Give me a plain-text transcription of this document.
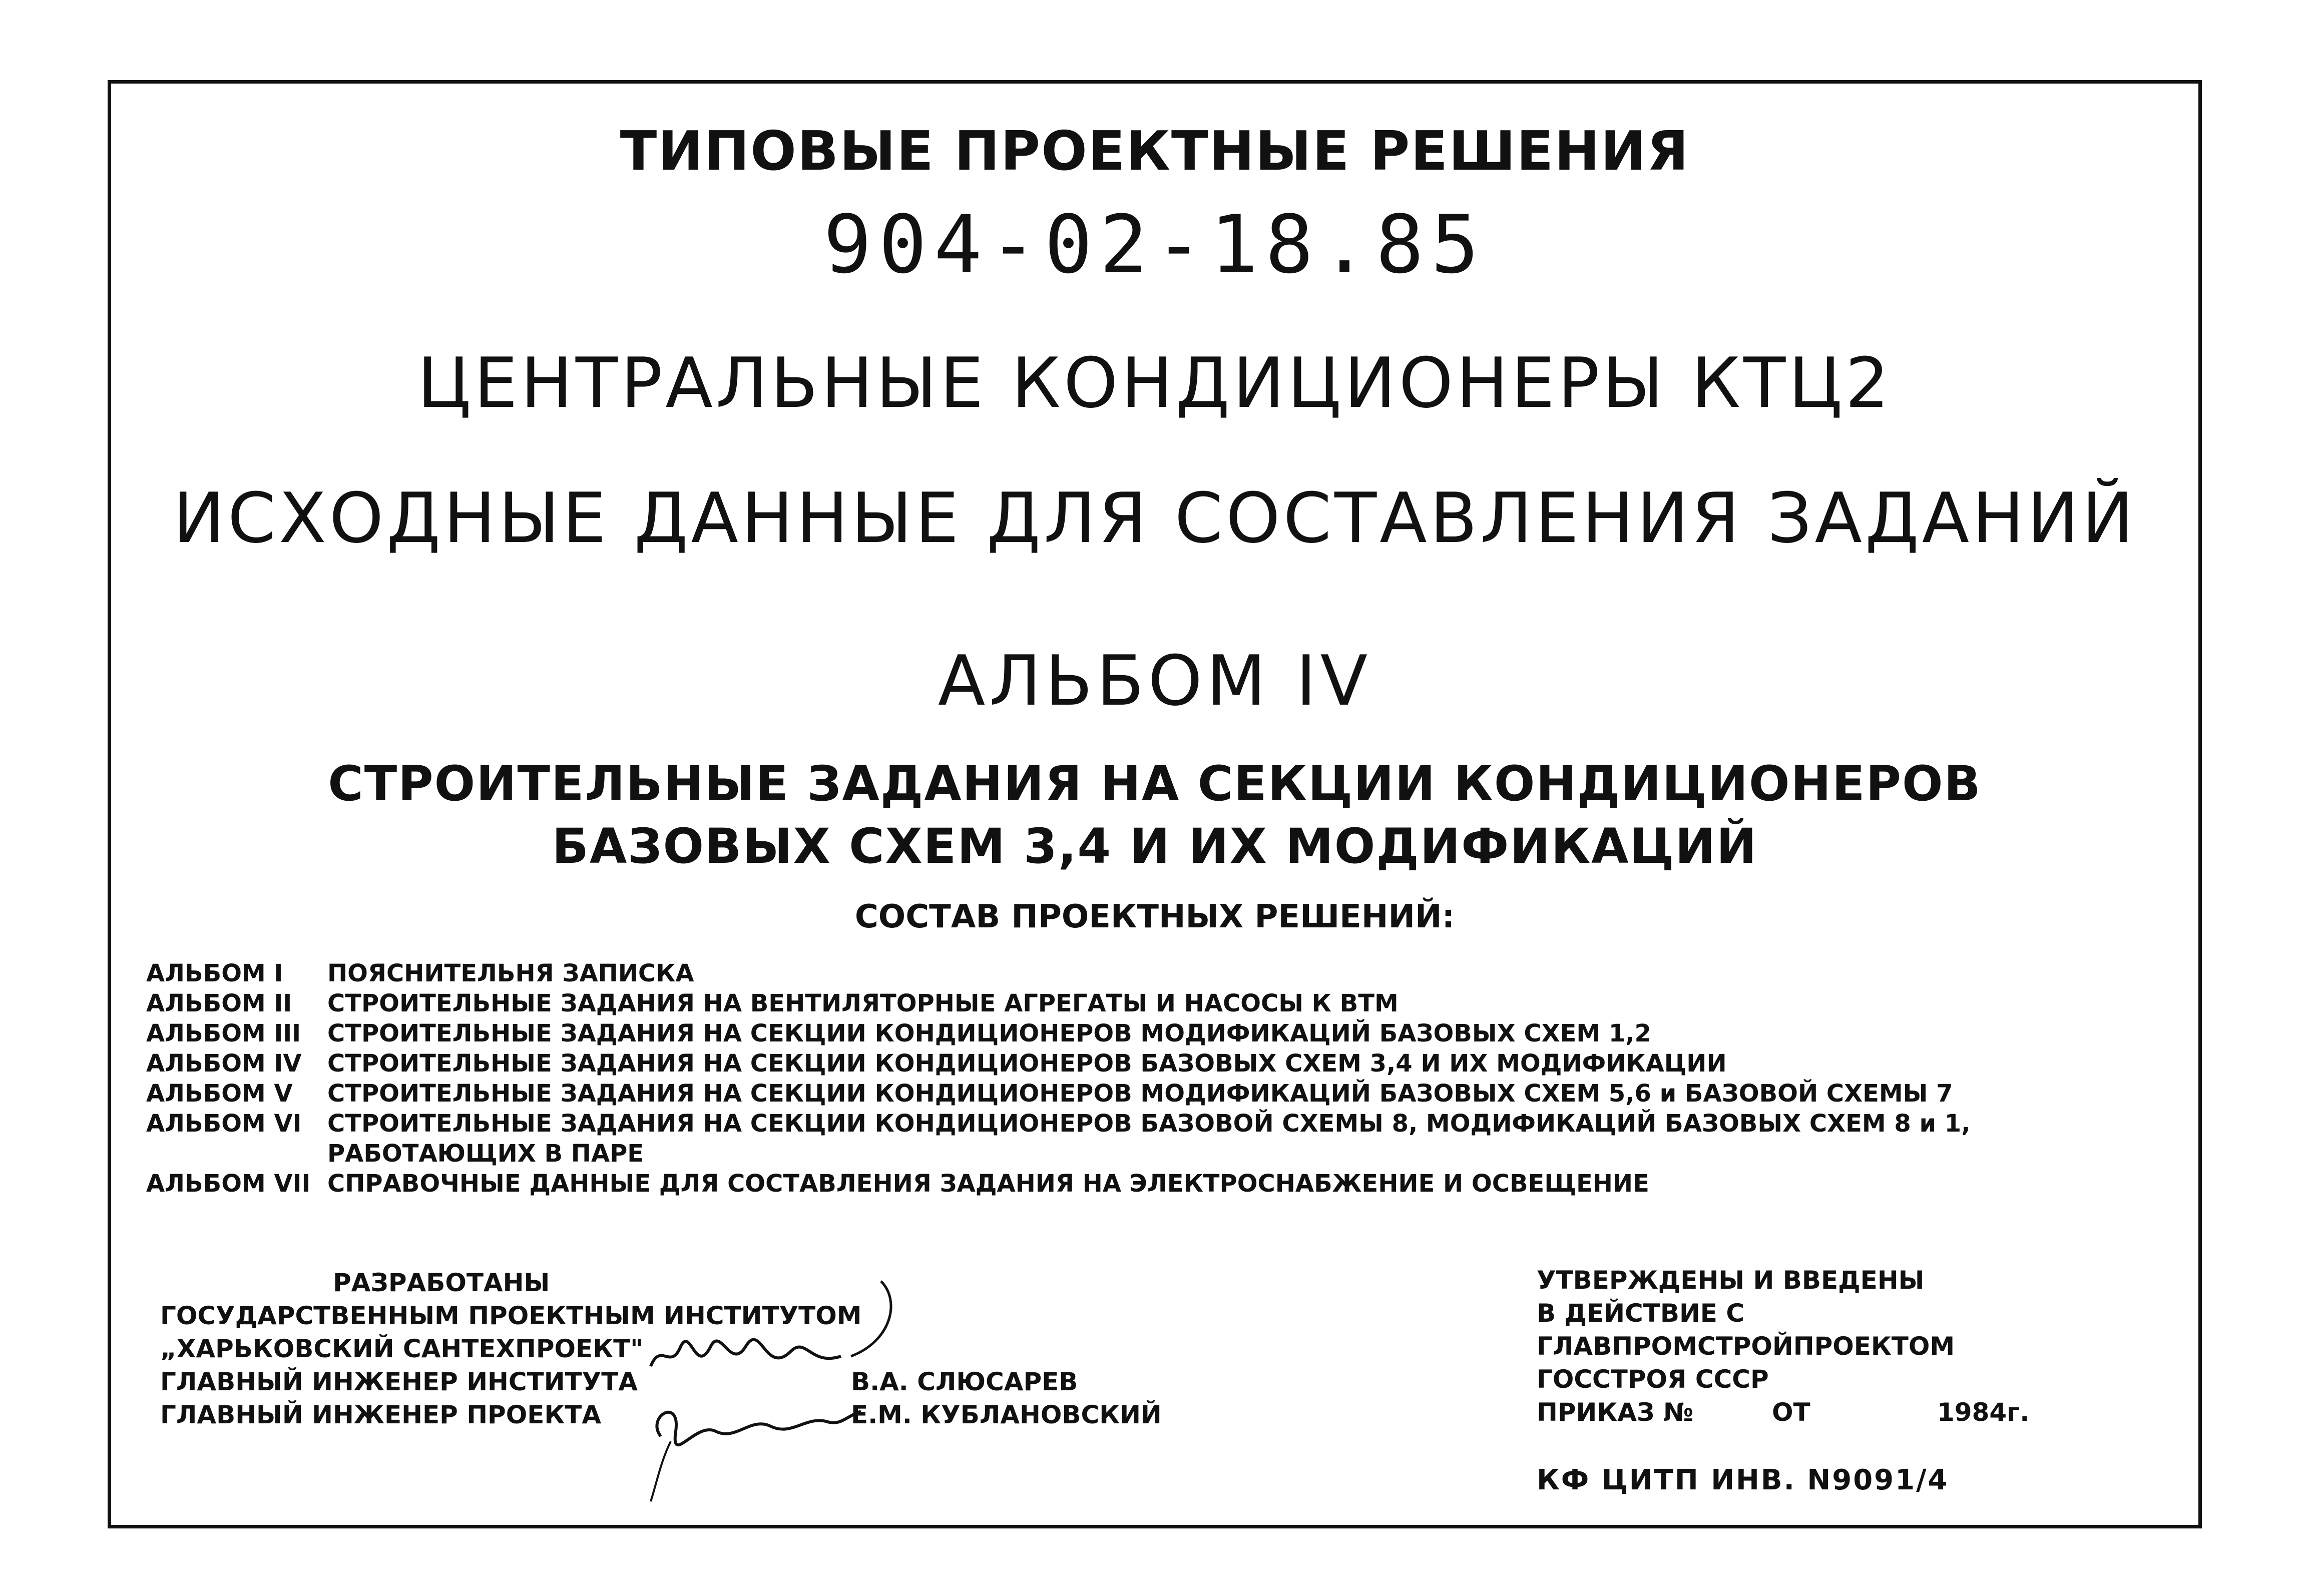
ТИПОВЫЕ ПРОЕКТНЫЕ РЕШЕНИЯ
904-02-18.85
ЦЕНТРАЛЬНЫЕ КОНДИЦИОНЕРЫ КТЦ2
ИСХОДНЫЕ ДАННЫЕ ДЛЯ СОСТАВЛЕНИЯ ЗАДАНИЙ
АЛЬБОМ IV
СТРОИТЕЛЬНЫЕ ЗАДАНИЯ НА СЕКЦИИ КОНДИЦИОНЕРОВ
БАЗОВЫХ СХЕМ 3,4 И ИХ МОДИФИКАЦИЙ
СОСТАВ ПРОЕКТНЫХ РЕШЕНИЙ:
АЛЬБОМ I	ПОЯСНИТЕЛЬНЯ ЗАПИСКА
АЛЬБОМ II	СТРОИТЕЛЬНЫЕ ЗАДАНИЯ НА ВЕНТИЛЯТОРНЫЕ АГРЕГАТЫ И НАСОСЫ К ВТМ
АЛЬБОМ III	СТРОИТЕЛЬНЫЕ ЗАДАНИЯ НА СЕКЦИИ КОНДИЦИОНЕРОВ МОДИФИКАЦИЙ БАЗОВЫХ СХЕМ 1,2
АЛЬБОМ IV	СТРОИТЕЛЬНЫЕ ЗАДАНИЯ НА СЕКЦИИ КОНДИЦИОНЕРОВ БАЗОВЫХ СХЕМ 3,4 И ИХ МОДИФИКАЦИИ
АЛЬБОМ V	СТРОИТЕЛЬНЫЕ ЗАДАНИЯ НА СЕКЦИИ КОНДИЦИОНЕРОВ МОДИФИКАЦИЙ БАЗОВЫХ СХЕМ 5,6 и БАЗОВОЙ СХЕМЫ 7
АЛЬБОМ VI	СТРОИТЕЛЬНЫЕ ЗАДАНИЯ НА СЕКЦИИ КОНДИЦИОНЕРОВ БАЗОВОЙ СХЕМЫ 8, МОДИФИКАЦИЙ БАЗОВЫХ СХЕМ 8 и 1,
РАБОТАЮЩИХ В ПАРЕ
АЛЬБОМ VII СПРАВОЧНЫЕ ДАННЫЕ ДЛЯ СОСТАВЛЕНИЯ ЗАДАНИЯ НА ЭЛЕКТРОСНАБЖЕНИЕ И ОСВЕЩЕНИЕ
РАЗРАБОТАНЫ
ГОСУДАРСТВЕННЫМ ПРОЕКТНЫМ ИНСТИТУТОМ
„ХАРЬКОВСКИЙ САНТЕХПРОЕКТ"
ГЛАВНЫЙ ИНЖЕНЕР ИНСТИТУТА	В.А. СЛЮСАРЕВ
ГЛАВНЫЙ ИНЖЕНЕР ПРОЕКТА	Е.М. КУБЛАНОВСКИЙ
УТВЕРЖДЕНЫ И ВВЕДЕНЫ
В ДЕЙСТВИЕ С
ГЛАВПРОМСТРОЙПРОЕКТОМ
ГОССТРОЯ СССР
ПРИКАЗ №	ОТ	1984г.
КФ ЦИТП ИНВ. N9091/4
